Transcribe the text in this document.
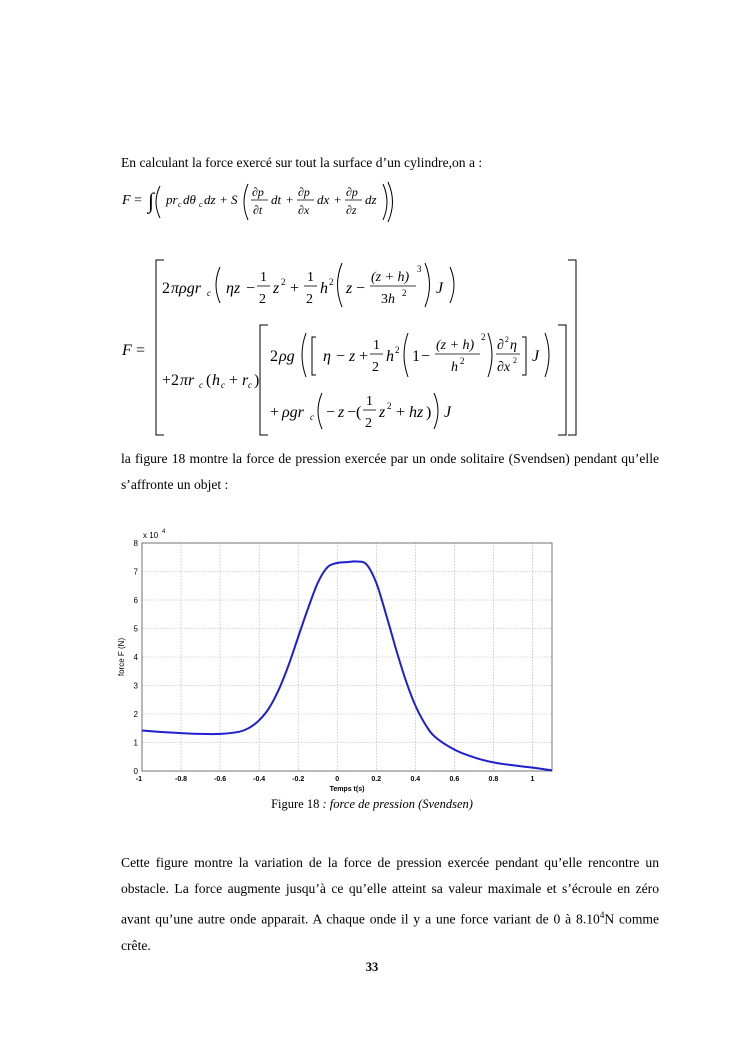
En calculant la force exercé sur tout la surface d’un cylindre,on a :
F = ∫ pr c dθ c dz + S ∂p
∂t
dt + ∂p
∂x
dx + ∂p
∂z
dz
F =
2 πρgr c ηz −
1
2
z 2 +
1
2
h 2 z −
(z + h)
3
3h 2 J
+2 πr c ( h c + r c )
2 ρg η − z +
1
2
h 2 1 −
(z + h)
2
h 2
∂ 2 η
∂x 2 J
+ ρgr c − z −(
1
2
z 2 + hz ) J
la figure 18 montre la force de pression exercée par un onde solitaire (Svendsen) pendant qu’elle s’affronte un objet :
-1	-0.8	-0.6	-0.4	-0.2	0	0.2	0.4	0.6	0.8	1
0
1
2
3
4
5
6
7
8
x 10 4
force F (N)
Temps t(s)
Figure 18 : force de pression (Svendsen)
Cette figure montre la variation de la force de pression exercée pendant qu’elle rencontre un obstacle. La force augmente jusqu’à ce qu’elle atteint sa valeur maximale et s’écroule en zéro avant qu’une autre onde apparait. A chaque onde il y a une force variant de 0 à 8.10$^4$N comme crête.
33
